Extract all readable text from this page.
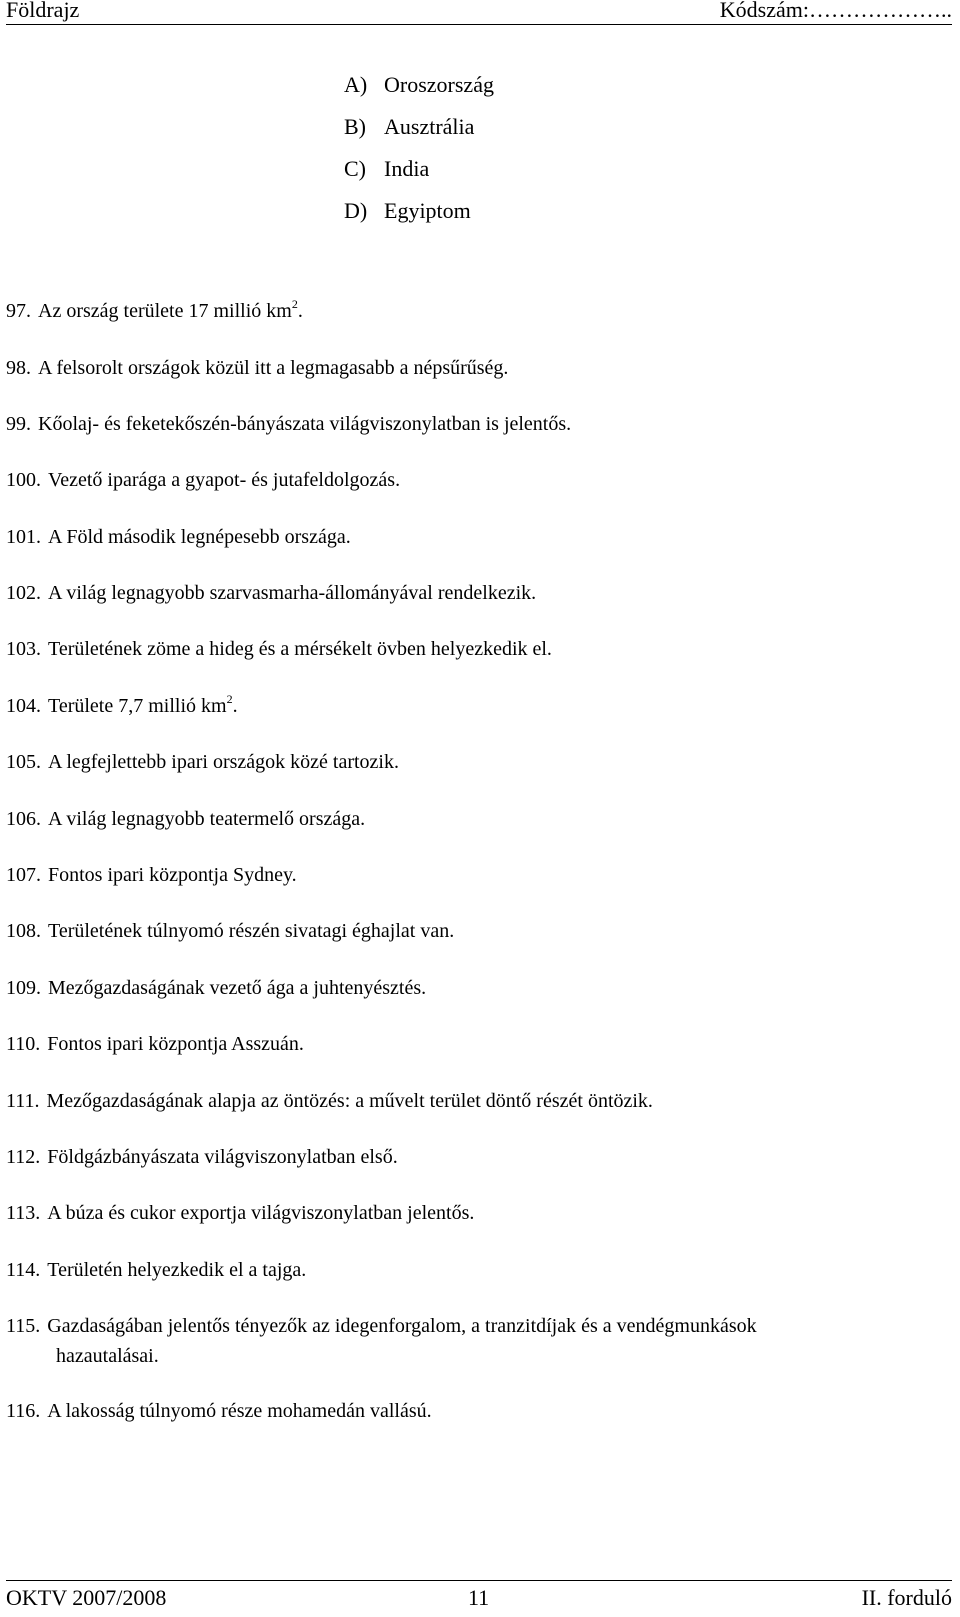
Földrajz	Kódszám:………………..
A) Oroszország
B) Ausztrália
C) India
D) Egyiptom
97. Az ország területe 17 millió $km^2$.
98. A felsorolt országok közül itt a legmagasabb a népsűrűség.
99. Kőolaj- és feketekőszén-bányászata világviszonylatban is jelentős.
100. Vezető iparága a gyapot- és jutafeldolgozás.
101. A Föld második legnépesebb országa.
102. A világ legnagyobb szarvasmarha-állományával rendelkezik.
103. Területének zöme a hideg és a mérsékelt övben helyezkedik el.
104. Területe 7,7 millió $km^2$.
105. A legfejlettebb ipari országok közé tartozik.
106. A világ legnagyobb teatermelő országa.
107. Fontos ipari központja Sydney.
108. Területének túlnyomó részén sivatagi éghajlat van.
109. Mezőgazdaságának vezető ága a juhtenyésztés.
110. Fontos ipari központja Asszuán.
111. Mezőgazdaságának alapja az öntözés: a művelt terület döntő részét öntözik.
112. Földgázbányászata világviszonylatban első.
113. A búza és cukor exportja világviszonylatban jelentős.
114. Területén helyezkedik el a tajga.
115. Gazdaságában jelentős tényezők az idegenforgalom, a tranzitdíjak és a vendégmunkások
hazautalásai.
116. A lakosság túlnyomó része mohamedán vallású.
OKTV 2007/2008	11	II. forduló
